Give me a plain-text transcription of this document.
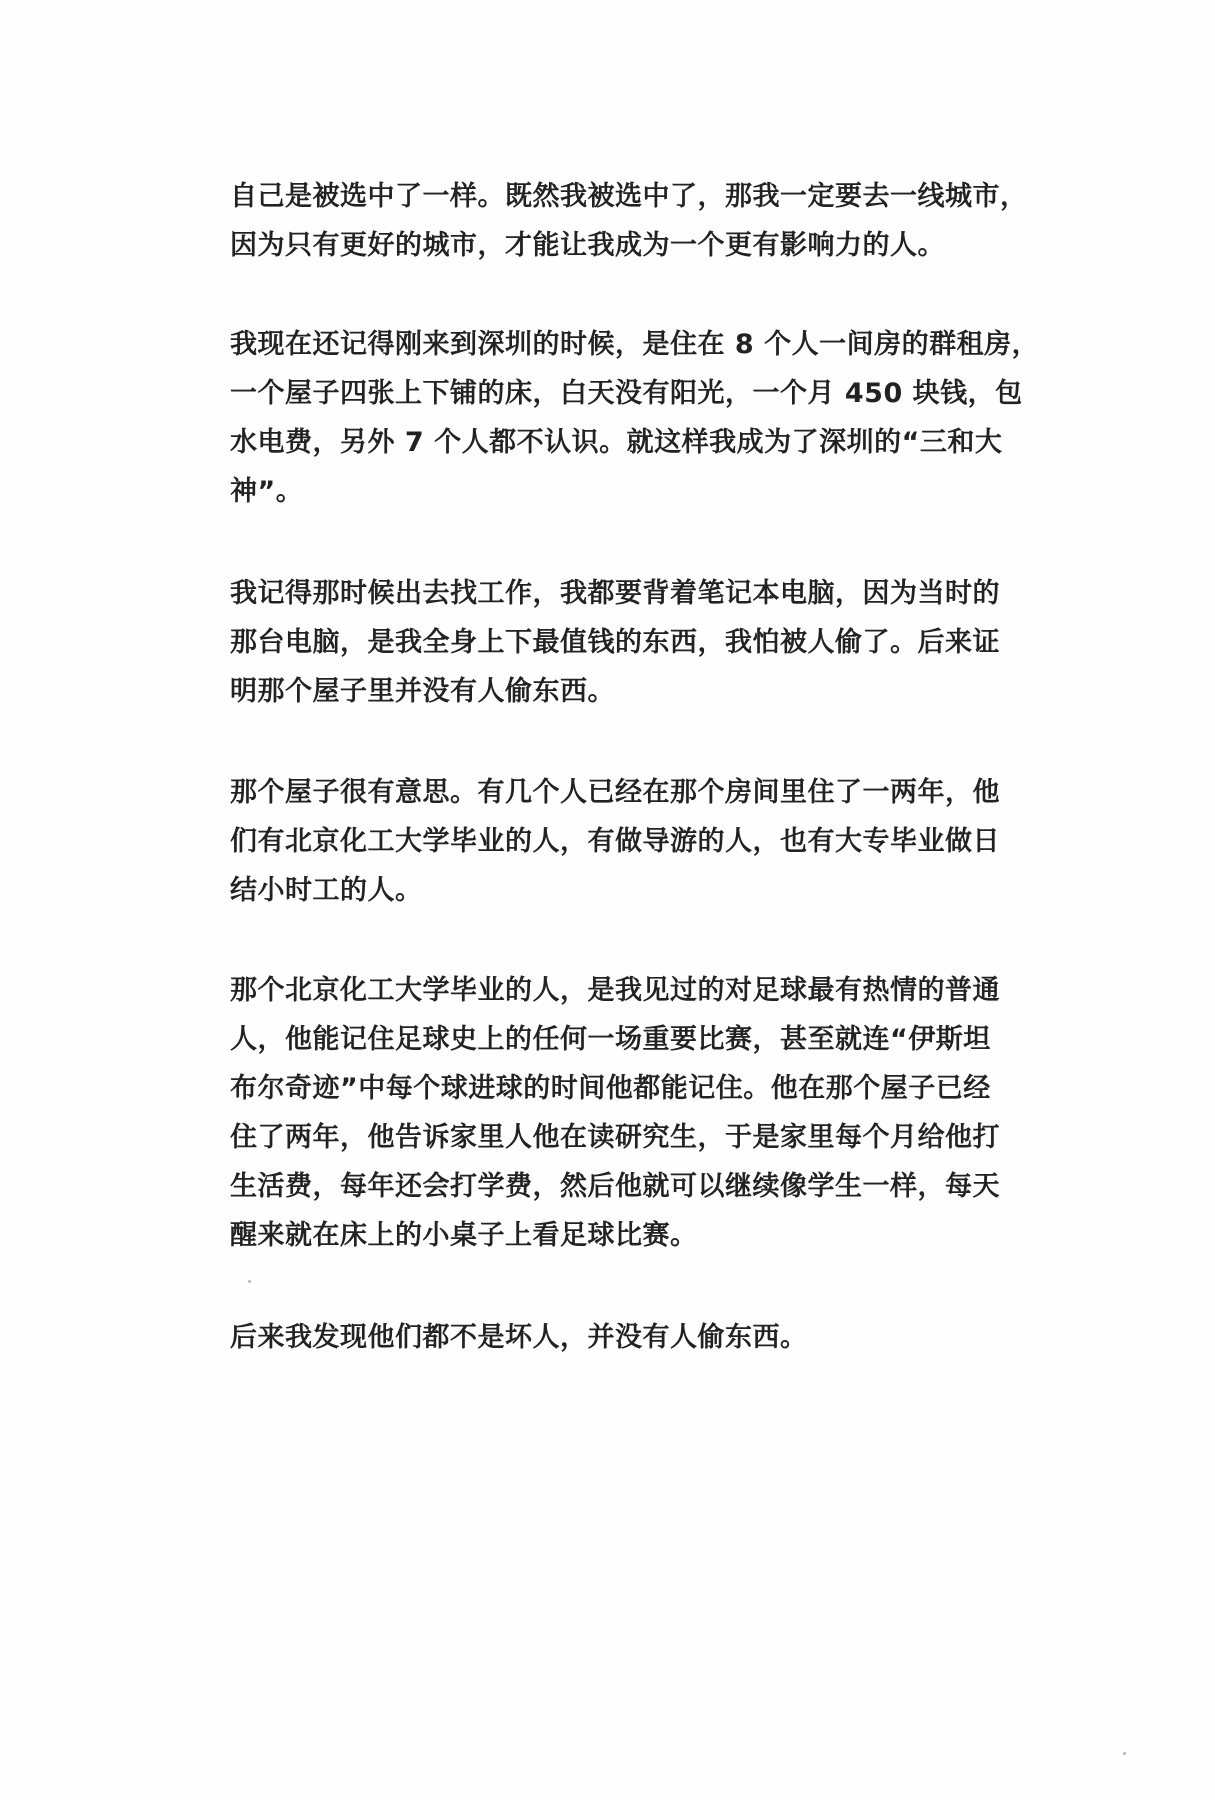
自己是被选中了一样。既然我被选中了，那我一定要去一线城市，
因为只有更好的城市，才能让我成为一个更有影响力的人。
我现在还记得刚来到深圳的时候，是住在 8 个人一间房的群租房，
一个屋子四张上下铺的床，白天没有阳光，一个月 450 块钱，包
水电费，另外 7 个人都不认识。就这样我成为了深圳的“三和大
神”。
我记得那时候出去找工作，我都要背着笔记本电脑，因为当时的
那台电脑，是我全身上下最值钱的东西，我怕被人偷了。后来证
明那个屋子里并没有人偷东西。
那个屋子很有意思。有几个人已经在那个房间里住了一两年，他
们有北京化工大学毕业的人，有做导游的人，也有大专毕业做日
结小时工的人。
那个北京化工大学毕业的人，是我见过的对足球最有热情的普通
人，他能记住足球史上的任何一场重要比赛，甚至就连“伊斯坦
布尔奇迹”中每个球进球的时间他都能记住。他在那个屋子已经
住了两年，他告诉家里人他在读研究生，于是家里每个月给他打
生活费，每年还会打学费，然后他就可以继续像学生一样，每天
醒来就在床上的小桌子上看足球比赛。
后来我发现他们都不是坏人，并没有人偷东西。
